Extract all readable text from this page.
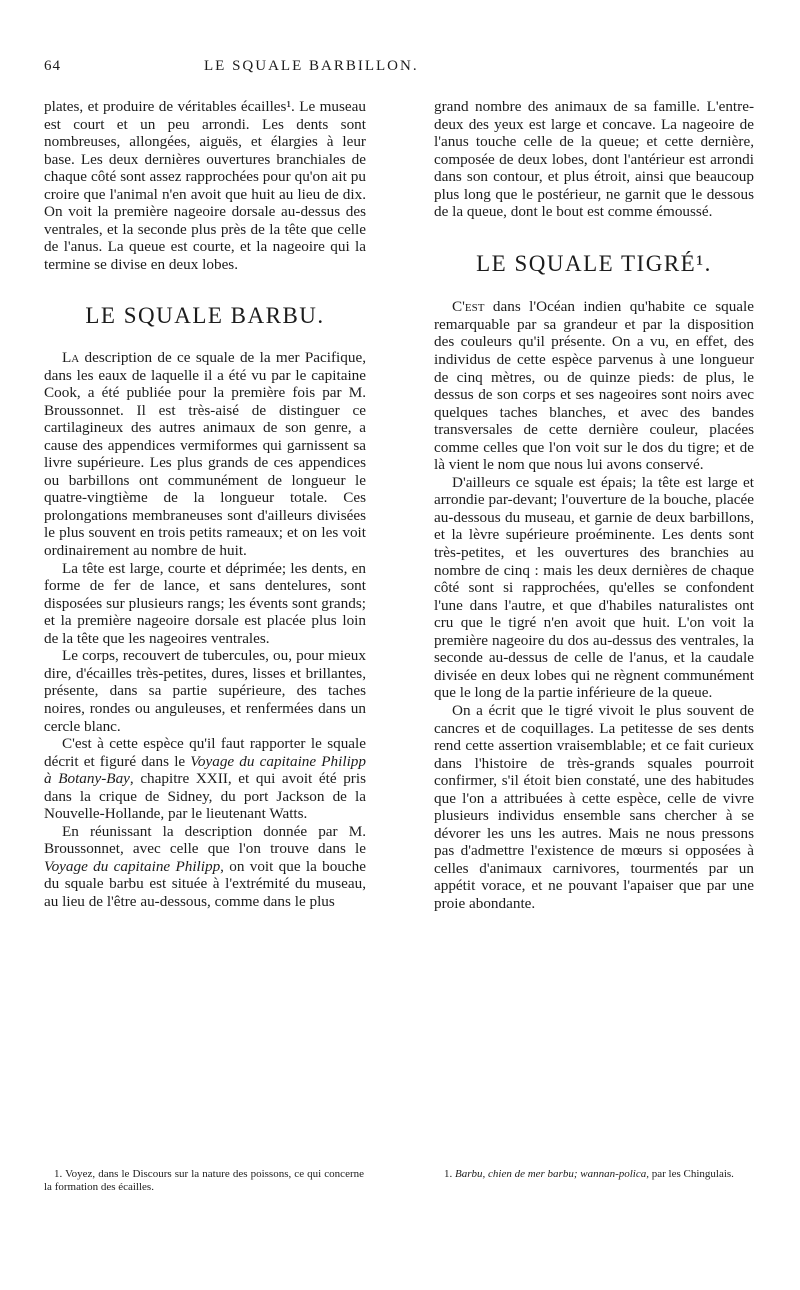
64	LE SQUALE BARBILLON.

plates, et produire de véritables écailles¹. Le museau est court et un peu arrondi. Les dents sont nombreuses, allongées, aiguës, et élargies à leur base. Les deux dernières ouvertures branchiales de chaque côté sont assez rapprochées pour qu'on ait pu croire que l'animal n'en avoit que huit au lieu de dix. On voit la première nageoire dorsale au-dessus des ventrales, et la seconde plus près de la tête que celle de l'anus. La queue est courte, et la nageoire qui la termine se divise en deux lobes.

LE SQUALE BARBU.

La description de ce squale de la mer Pacifique, dans les eaux de laquelle il a été vu par le capitaine Cook, a été publiée pour la première fois par M. Broussonnet. Il est très-aisé de distinguer ce cartilagineux des autres animaux de son genre, a cause des appendices vermiformes qui garnissent sa livre supérieure. Les plus grands de ces appendices ou barbillons ont communément de longueur le quatre-vingtième de la longueur totale. Ces prolongations membraneuses sont d'ailleurs divisées le plus souvent en trois petits rameaux; et on les voit ordinairement au nombre de huit.

La tête est large, courte et déprimée; les dents, en forme de fer de lance, et sans dentelures, sont disposées sur plusieurs rangs; les évents sont grands; et la première nageoire dorsale est placée plus loin de la tête que les nageoires ventrales.

Le corps, recouvert de tubercules, ou, pour mieux dire, d'écailles très-petites, dures, lisses et brillantes, présente, dans sa partie supérieure, des taches noires, rondes ou anguleuses, et renfermées dans un cercle blanc.

C'est à cette espèce qu'il faut rapporter le squale décrit et figuré dans le Voyage du capitaine Philipp à Botany-Bay, chapitre XXII, et qui avoit été pris dans la crique de Sidney, du port Jackson de la Nouvelle-Hollande, par le lieutenant Watts.

En réunissant la description donnée par M. Broussonnet, avec celle que l'on trouve dans le Voyage du capitaine Philipp, on voit que la bouche du squale barbu est située à l'extrémité du museau, au lieu de l'être au-dessous, comme dans le plus

1. Voyez, dans le Discours sur la nature des poissons, ce qui concerne la formation des écailles.

grand nombre des animaux de sa famille. L'entre-deux des yeux est large et concave. La nageoire de l'anus touche celle de la queue; et cette dernière, composée de deux lobes, dont l'antérieur est arrondi dans son contour, et plus étroit, ainsi que beaucoup plus long que le postérieur, ne garnit que le dessous de la queue, dont le bout est comme émoussé.

LE SQUALE TIGRÉ¹.

C'est dans l'Océan indien qu'habite ce squale remarquable par sa grandeur et par la disposition des couleurs qu'il présente. On a vu, en effet, des individus de cette espèce parvenus à une longueur de cinq mètres, ou de quinze pieds: de plus, le dessus de son corps et ses nageoires sont noirs avec quelques taches blanches, et avec des bandes transversales de cette dernière couleur, placées comme celles que l'on voit sur le dos du tigre; et de là vient le nom que nous lui avons conservé.

D'ailleurs ce squale est épais; la tête est large et arrondie par-devant; l'ouverture de la bouche, placée au-dessous du museau, et garnie de deux barbillons, et la lèvre supérieure proéminente. Les dents sont très-petites, et les ouvertures des branchies au nombre de cinq : mais les deux dernières de chaque côté sont si rapprochées, qu'elles se confondent l'une dans l'autre, et que d'habiles naturalistes ont cru que le tigré n'en avoit que huit. L'on voit la première nageoire du dos au-dessus des ventrales, la seconde au-dessus de celle de l'anus, et la caudale divisée en deux lobes qui ne règnent communément que le long de la partie inférieure de la queue.

On a écrit que le tigré vivoit le plus souvent de cancres et de coquillages. La petitesse de ses dents rend cette assertion vraisemblable; et ce fait curieux dans l'histoire de très-grands squales pourroit confirmer, s'il étoit bien constaté, une des habitudes que l'on a attribuées à cette espèce, celle de vivre plusieurs individus ensemble sans chercher à se dévorer les uns les autres. Mais ne nous pressons pas d'admettre l'existence de mœurs si opposées à celles d'animaux carnivores, tourmentés par un appétit vorace, et ne pouvant l'apaiser que par une proie abondante.

1. Barbu, chien de mer barbu; wannan-polica, par les Chingulais.
